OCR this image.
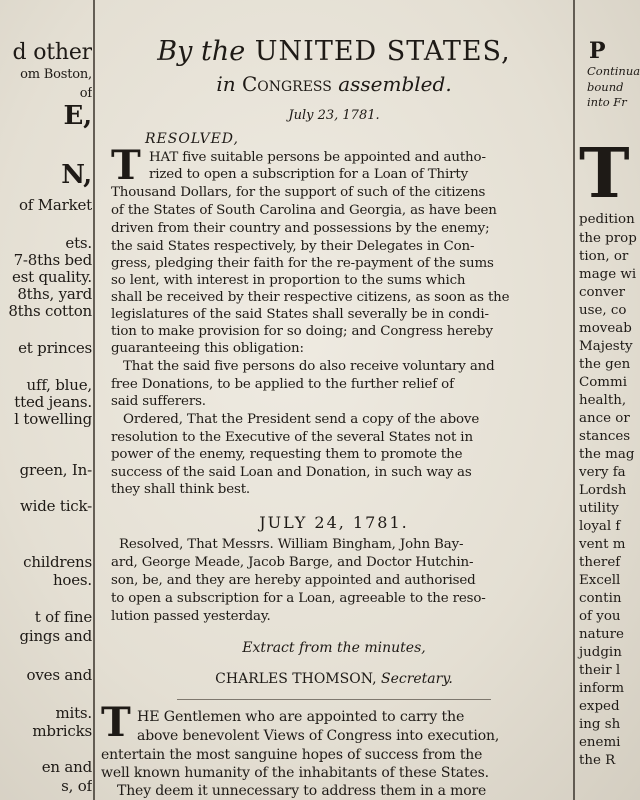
d other
om Boston,
of
E,
N,
of Market
ets.
7-8ths bed
est quality.
8ths, yard
8ths cotton
et princes
uff, blue,
tted jeans.
l towelling
green, In-
wide tick-
childrens
hoes.
t of fine
gings and
oves and
mits.
mbricks
en and
s, of
By the UNITED STATES,
in Congress assembled.
July 23, 1781.
RESOLVED,
T HAT five suitable persons be appointed and autho-
rized to open a subscription for a Loan of Thirty
Thousand Dollars, for the support of such of the citizens
of the States of South Carolina and Georgia, as have been
driven from their country and possessions by the enemy;
the said States respectively, by their Delegates in Con-
gress, pledging their faith for the re-payment of the sums
so lent, with interest in proportion to the sums which
shall be received by their respective citizens, as soon as the
legislatures of the said States shall severally be in condi-
tion to make provision for so doing; and Congress hereby
guaranteeing this obligation:
That the said five persons do also receive voluntary and
free Donations, to be applied to the further relief of
said sufferers.
Ordered, That the President send a copy of the above
resolution to the Executive of the several States not in
power of the enemy, requesting them to promote the
success of the said Loan and Donation, in such way as
they shall think best.
JULY 24, 1781.
Resolved, That Messrs. William Bingham, John Bay-
ard, George Meade, Jacob Barge, and Doctor Hutchin-
son, be, and they are hereby appointed and authorised
to open a subscription for a Loan, agreeable to the reso-
lution passed yesterday.
Extract from the minutes,
CHARLES THOMSON, Secretary.
T HE Gentlemen who are appointed to carry the
above benevolent Views of Congress into execution,
entertain the most sanguine hopes of success from the
well known humanity of the inhabitants of these States.
They deem it unnecessary to address them in a more
P
Continua
bound
into Fr
T
pedition
the prop
tion, or
mage wi
conver
use, co
moveab
Majesty
the gen
Commi
health,
ance or
stances
the mag
very fa
Lordsh
utility
loyal f
vent m
theref
Excell
contin
of you
nature
judgin
their l
inform
exped
ing sh
enemi
the R
